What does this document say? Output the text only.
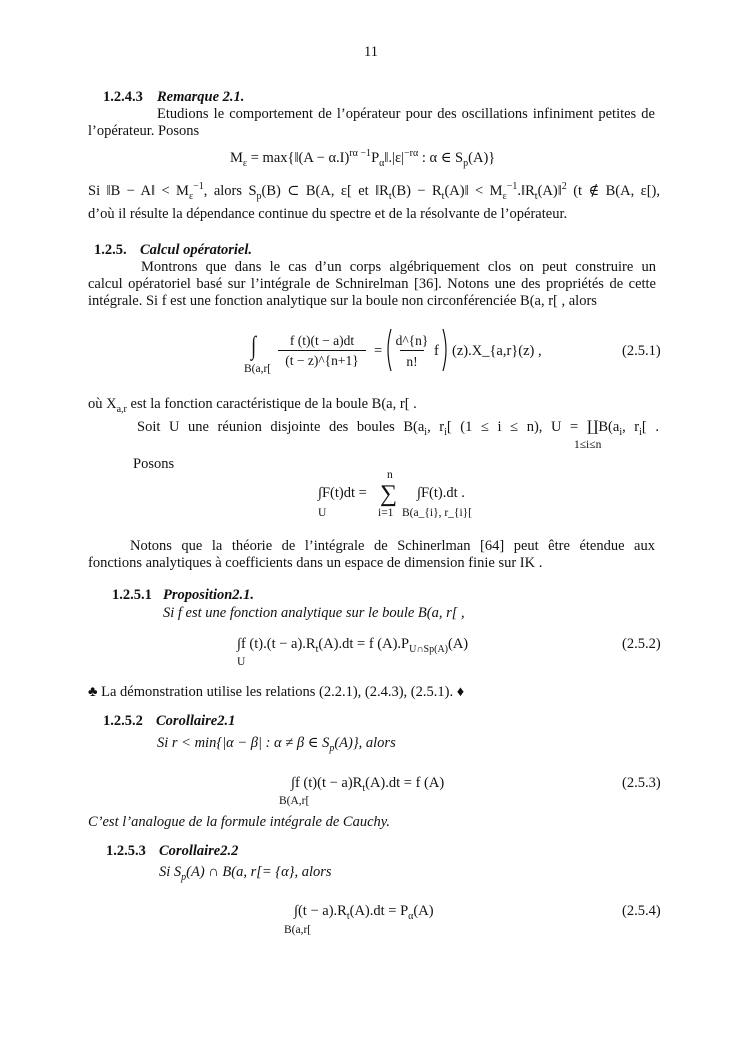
11
1.2.4.3 Remarque 2.1.
Etudions le comportement de l’opérateur pour des oscillations infiniment petites de
l’opérateur. Posons
$M_\varepsilon$ = max{‖(A − $\alpha.I)^{r\alpha -1}P_\alpha‖.|\varepsilon|^{-r\alpha}$ : α ∈ $S_p(A)$}
Si ‖B − A‖ < $M_\varepsilon^{-1}$, alors $S_p(B)$ ⊂ B(A, ε[ et $‖R_t(B)$ − $R_t(A)‖$ < $M_\varepsilon^{-1}.‖R_t(A)‖^2$ (t ∉ B(A, ε[),
d’où il résulte la dépendance continue du spectre et de la résolvante de l’opérateur.
1.2.5. Calcul opératoriel.
Montrons que dans le cas d’un corps algébriquement clos on peut construire un
calcul opératoriel basé sur l’intégrale de Schnirelman [36]. Notons une des propriétés de cette
intégrale. Si f est une fonction analytique sur la boule non circonférenciée B(a, r[ , alors
∫
B(a,r[
f (t)(t − a)dt
(t − z)^{n+1}
=
d^{n}
n!
f (z).X_{a,r}(z) ,	(2.5.1)
où $X_{a,r}$ est la fonction caractéristique de la boule B(a, r[ .
Soit U une réunion disjointe des boules $B(a_i$, $r_i$[ (1 ≤ i ≤ n), $U = ∐B(a_i$, $r_i$[ .
1≤i≤n
Posons
∫F(t)dt =
U
n
∑
i=1
∫F(t).dt .
B(a_{i}, r_{i}[
Notons que la théorie de l’intégrale de Schinerlman [64] peut être étendue aux
fonctions analytiques à coefficients dans un espace de dimension finie sur IK .
1.2.5.1 Proposition2.1.
Si f est une fonction analytique sur le boule B(a, r[ ,
∫f $(t).(t - a).R_t(A).dt = f$ $(A).P_{U\cap Sp(A)}(A)$
U
(2.5.2)
♣ La démonstration utilise les relations (2.2.1), (2.4.3), (2.5.1). ♦
1.2.5.2 Corollaire2.1
Si r < min{|α − β| : α ≠ β ∈ $S_p(A)$}, alors
∫f $(t)(t - a)R_t(A).dt = f$ (A)
B(A,r[
(2.5.3)
C’est l’analogue de la formule intégrale de Cauchy.
1.2.5.3 Corollaire2.2
Si $S_p(A)$ ∩ B(a, r[= {α}, alors
$\int(t - a).R_t(A).dt = P_\alpha(A)$
B(a,r[
(2.5.4)
